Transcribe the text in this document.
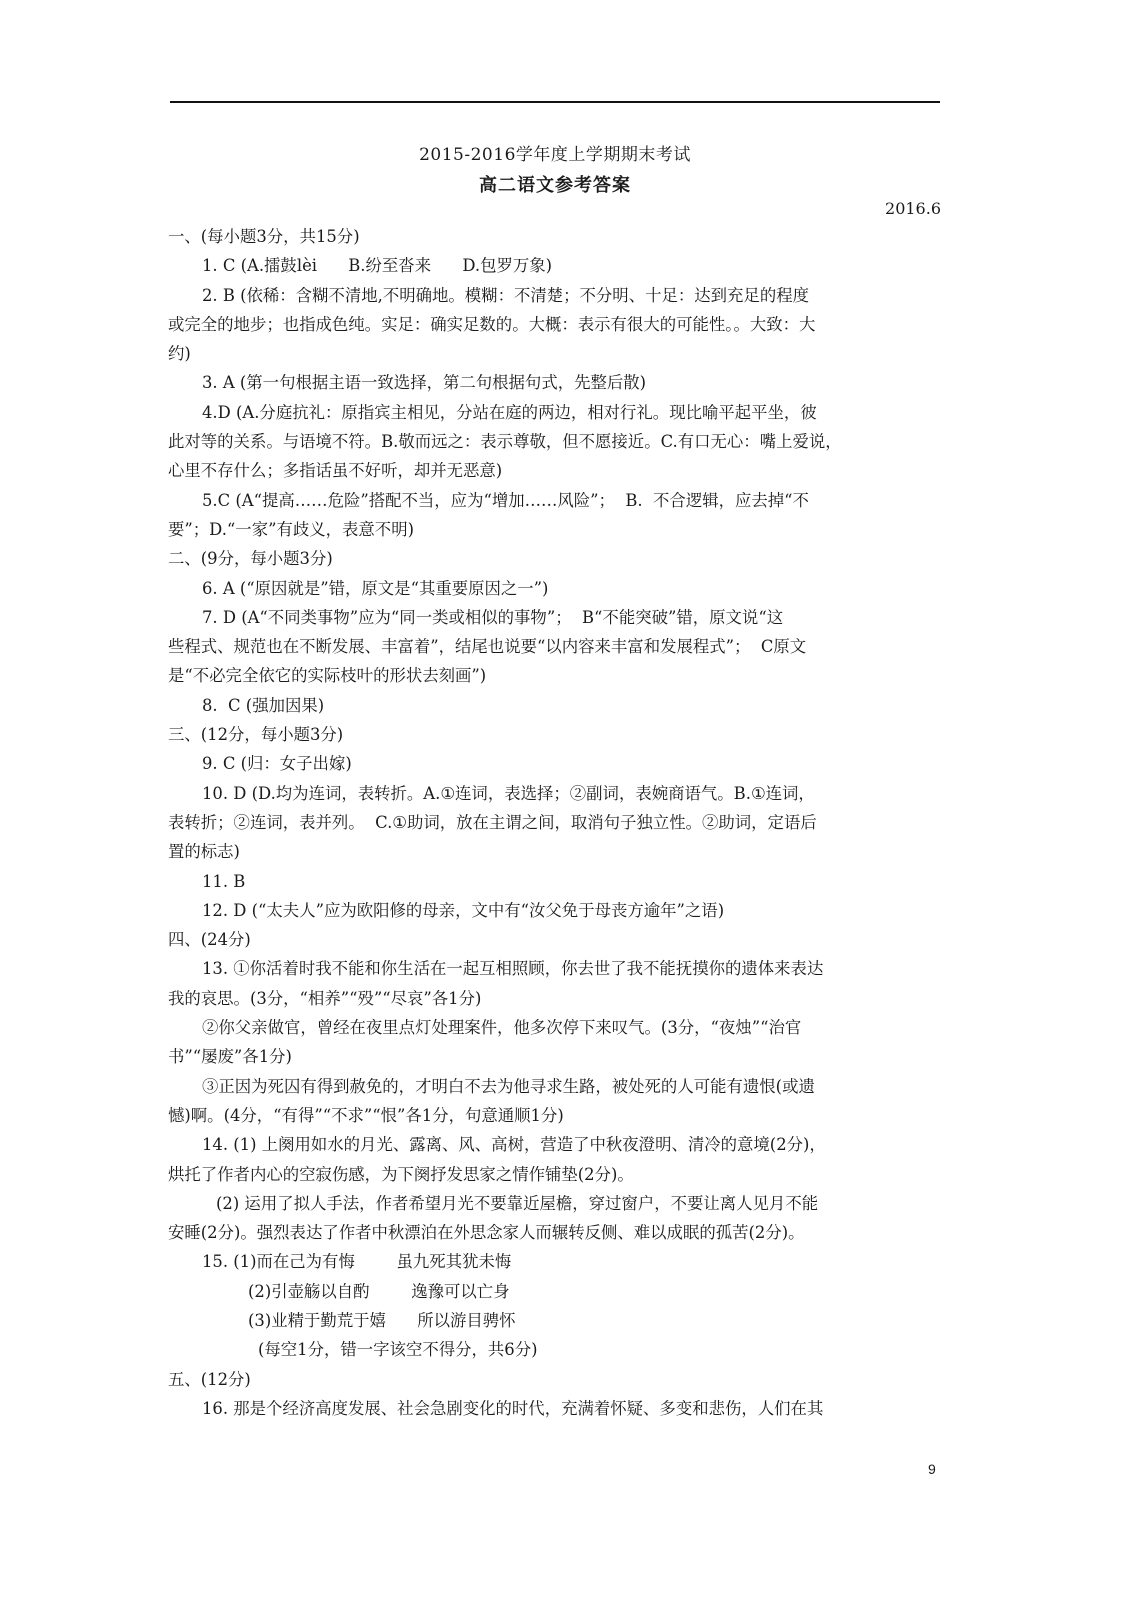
2015-2016学年度上学期期末考试
高二语文参考答案
2016.6
一、(每小题3分，共15分)
1. C (A.擂鼓lèi      B.纷至沓来      D.包罗万象)
2. B (依稀：含糊不清地,不明确地。模糊：不清楚；不分明、十足：达到充足的程度
或完全的地步；也指成色纯。实足：确实足数的。大概：表示有很大的可能性。。大致：大
约)
3. A (第一句根据主语一致选择，第二句根据句式，先整后散)
4.D (A.分庭抗礼：原指宾主相见，分站在庭的两边，相对行礼。现比喻平起平坐，彼
此对等的关系。与语境不符。B.敬而远之：表示尊敬，但不愿接近。C.有口无心：嘴上爱说，
心里不存什么；多指话虽不好听，却并无恶意)
5.C (A“提高……危险”搭配不当，应为“增加……风险”；  B.  不合逻辑，应去掉“不
要”；D.“一家”有歧义，表意不明)
二、(9分，每小题3分)
6. A (“原因就是”错，原文是“其重要原因之一”)
7. D (A“不同类事物”应为“同一类或相似的事物”；  B“不能突破”错，原文说“这
些程式、规范也在不断发展、丰富着”，结尾也说要“以内容来丰富和发展程式”；  C原文
是“不必完全依它的实际枝叶的形状去刻画”)
8.  C (强加因果)
三、(12分，每小题3分)
9. C (归：女子出嫁)
10. D (D.均为连词，表转折。A.①连词，表选择；②副词，表婉商语气。B.①连词，
表转折；②连词，表并列。  C.①助词，放在主谓之间，取消句子独立性。②助词，定语后
置的标志)
11. B
12. D (“太夫人”应为欧阳修的母亲，文中有“汝父免于母丧方逾年”之语)
四、(24分)
13. ①你活着时我不能和你生活在一起互相照顾，你去世了我不能抚摸你的遗体来表达
我的哀思。(3分，“相养”“殁”“尽哀”各1分)
②你父亲做官，曾经在夜里点灯处理案件，他多次停下来叹气。(3分，“夜烛”“治官
书”“屡废”各1分)
③正因为死囚有得到赦免的，才明白不去为他寻求生路，被处死的人可能有遗恨(或遗
憾)啊。(4分，“有得”“不求”“恨”各1分，句意通顺1分)
14. (1) 上阕用如水的月光、露离、风、高树，营造了中秋夜澄明、清冷的意境(2分)，
烘托了作者内心的空寂伤感，为下阕抒发思家之情作铺垫(2分)。
(2) 运用了拟人手法，作者希望月光不要靠近屋檐，穿过窗户，不要让离人见月不能
安睡(2分)。强烈表达了作者中秋漂泊在外思念家人而辗转反侧、难以成眠的孤苦(2分)。
15. (1)而在己为有悔        虽九死其犹未悔
(2)引壶觞以自酌        逸豫可以亡身
(3)业精于勤荒于嬉      所以游目骋怀
(每空1分，错一字该空不得分，共6分)
五、(12分)
16. 那是个经济高度发展、社会急剧变化的时代，充满着怀疑、多变和悲伤，人们在其
9
